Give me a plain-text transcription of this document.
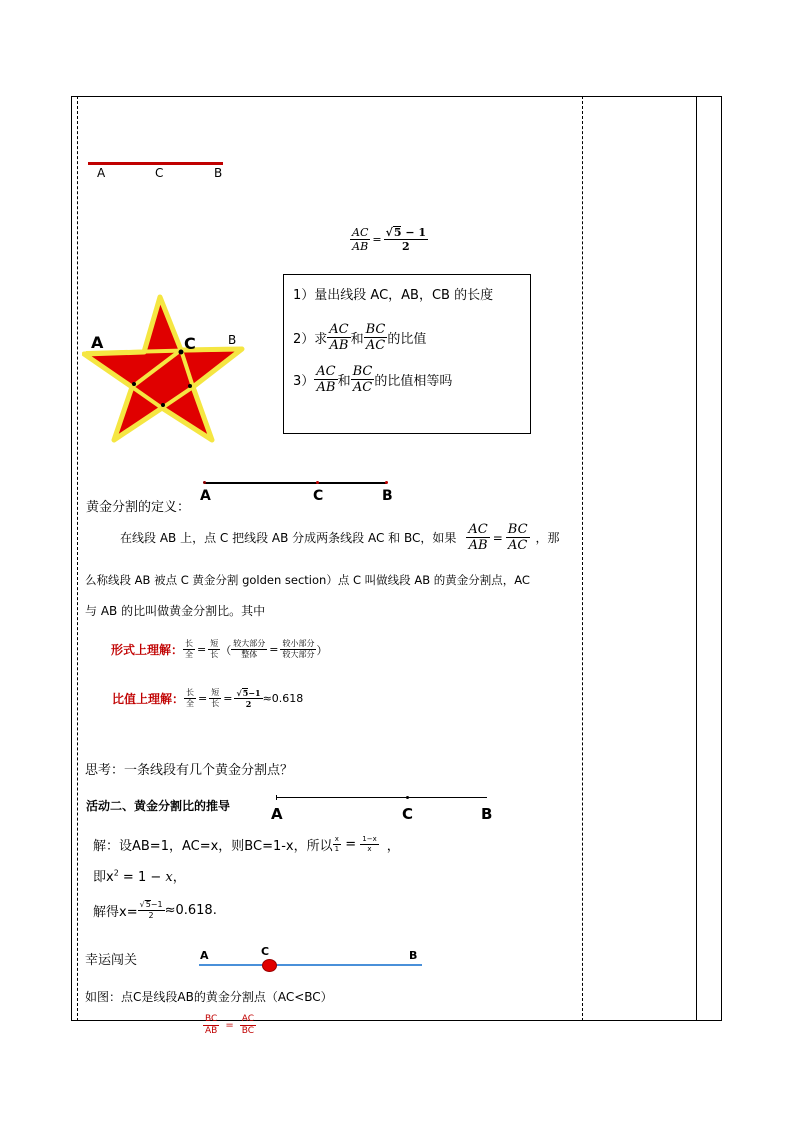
A	C	B
$\frac{AC}{AB} = \frac{√5 - 1}{2}$
A	C	B
1）量出线段 AC，AB，CB 的长度
2）求 $\frac{AC}{AB}$ 和 $\frac{BC}{AC}$ 的比值
$3) \frac{AC}{AB}$ 和 $\frac{BC}{AC}$ 的比值相等吗
A	C	B
黄金分割的定义：
在线段 AB 上，点 C 把线段 AB 分成两条线段 AC 和 BC，如果 $\frac{AC}{AB} = \frac{BC}{AC}$ ，那
么称线段 AB 被点 C 黄金分割 golden section）点 C 叫做线段 AB 的黄金分割点，AC
与 AB 的比叫做黄金分割比。其中
形式上理解： $\frac{\text{长}}{\text{全}} = \frac{\text{短}}{\text{长}}$ （ $\frac{\text{较大部分}}{\text{整体}} = \frac{\text{较小部分}}{\text{较大部分}}$ ）
比值上理解： $\frac{\text{长}}{\text{全}} = \frac{\text{短}}{\text{长}} = \frac{√5-1}{2} \approx 0.618$
思考：一条线段有几个黄金分割点？
活动二、黄金分割比的推导	A	C	B
解：设AB=1，AC=x，则BC=1-x，所以 $\frac{x}{1} = \frac{1-x}{x}$ ，
即$x^2 = 1 - x$，
解得$x= \frac{√5-1}{2} \approx 0.618$.
幸运闯关	A	C	B
如图：点C是线段AB的黄金分割点（AC<BC）
$\frac{BC}{AB} = \frac{AC}{BC}$
